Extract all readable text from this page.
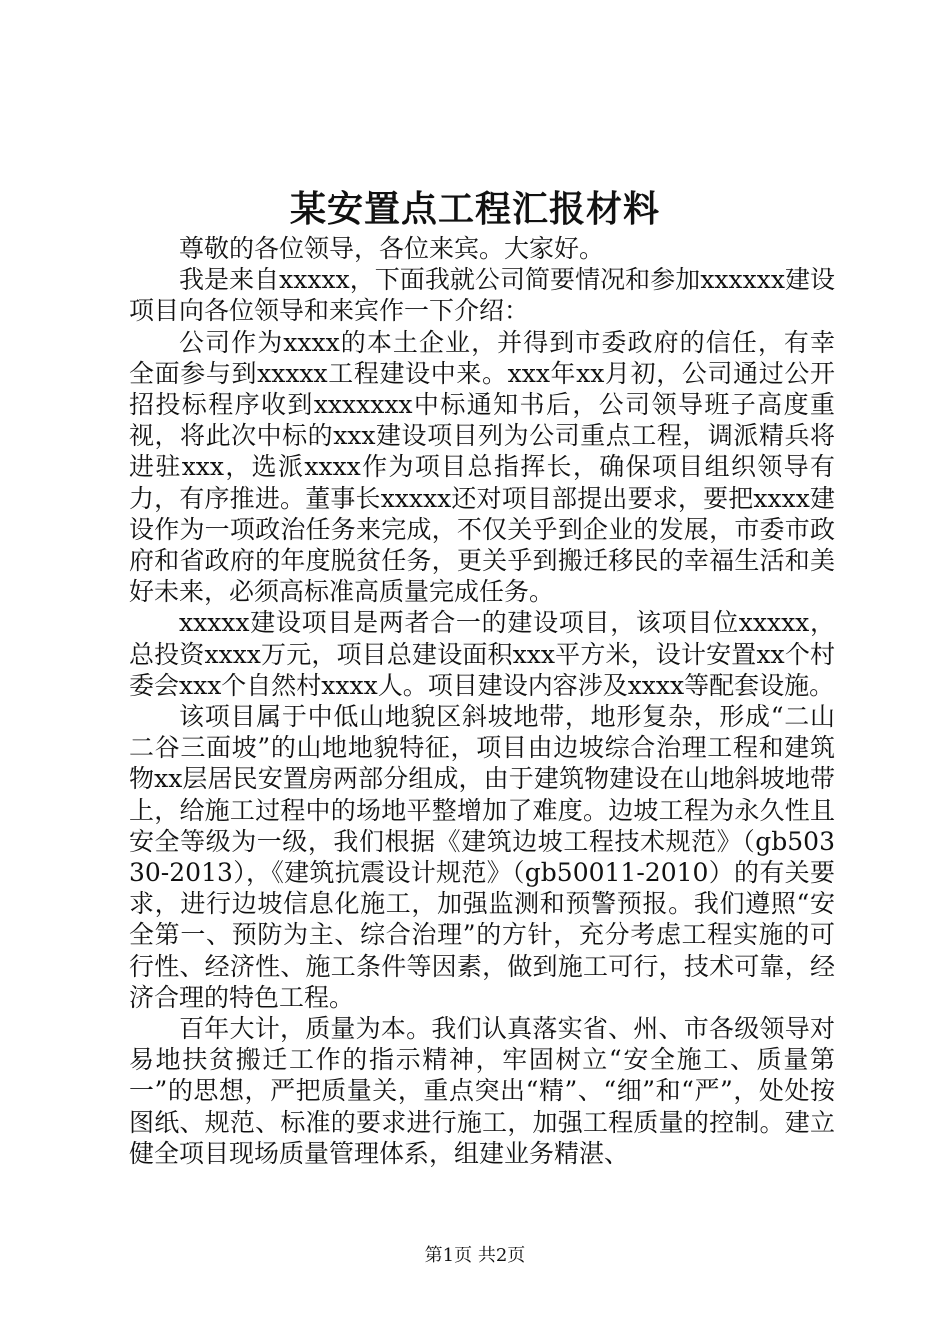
某安置点工程汇报材料

尊敬的各位领导，各位来宾。大家好。

我是来自xxxxx，下面我就公司简要情况和参加xxxxxx建设项目向各位领导和来宾作一下介绍：

公司作为xxxx的本土企业，并得到市委政府的信任，有幸全面参与到xxxxx工程建设中来。xxx年xx月初，公司通过公开招投标程序收到xxxxxxx中标通知书后，公司领导班子高度重视，将此次中标的xxx建设项目列为公司重点工程，调派精兵将进驻xxx，选派xxxx作为项目总指挥长，确保项目组织领导有力，有序推进。董事长xxxxx还对项目部提出要求，要把xxxx建设作为一项政治任务来完成，不仅关乎到企业的发展，市委市政府和省政府的年度脱贫任务，更关乎到搬迁移民的幸福生活和美好未来，必须高标准高质量完成任务。

xxxxx建设项目是两者合一的建设项目，该项目位xxxxx，总投资xxxx万元，项目总建设面积xxx平方米，设计安置xx个村委会xxx个自然村xxxx人。项目建设内容涉及xxxx等配套设施。

该项目属于中低山地貌区斜坡地带，地形复杂，形成“二山二谷三面坡”的山地地貌特征，项目由边坡综合治理工程和建筑物xx层居民安置房两部分组成，由于建筑物建设在山地斜坡地带上，给施工过程中的场地平整增加了难度。边坡工程为永久性且安全等级为一级，我们根据《建筑边坡工程技术规范》（gb50330-2013），《建筑抗震设计规范》（gb50011-2010）的有关要求，进行边坡信息化施工，加强监测和预警预报。我们遵照“安全第一、预防为主、综合治理”的方针，充分考虑工程实施的可行性、经济性、施工条件等因素，做到施工可行，技术可靠，经济合理的特色工程。

百年大计，质量为本。我们认真落实省、州、市各级领导对易地扶贫搬迁工作的指示精神，牢固树立“安全施工、质量第一”的思想，严把质量关，重点突出“精”、“细”和“严”，处处按图纸、规范、标准的要求进行施工，加强工程质量的控制。建立健全项目现场质量管理体系，组建业务精湛、

第1页 共2页
